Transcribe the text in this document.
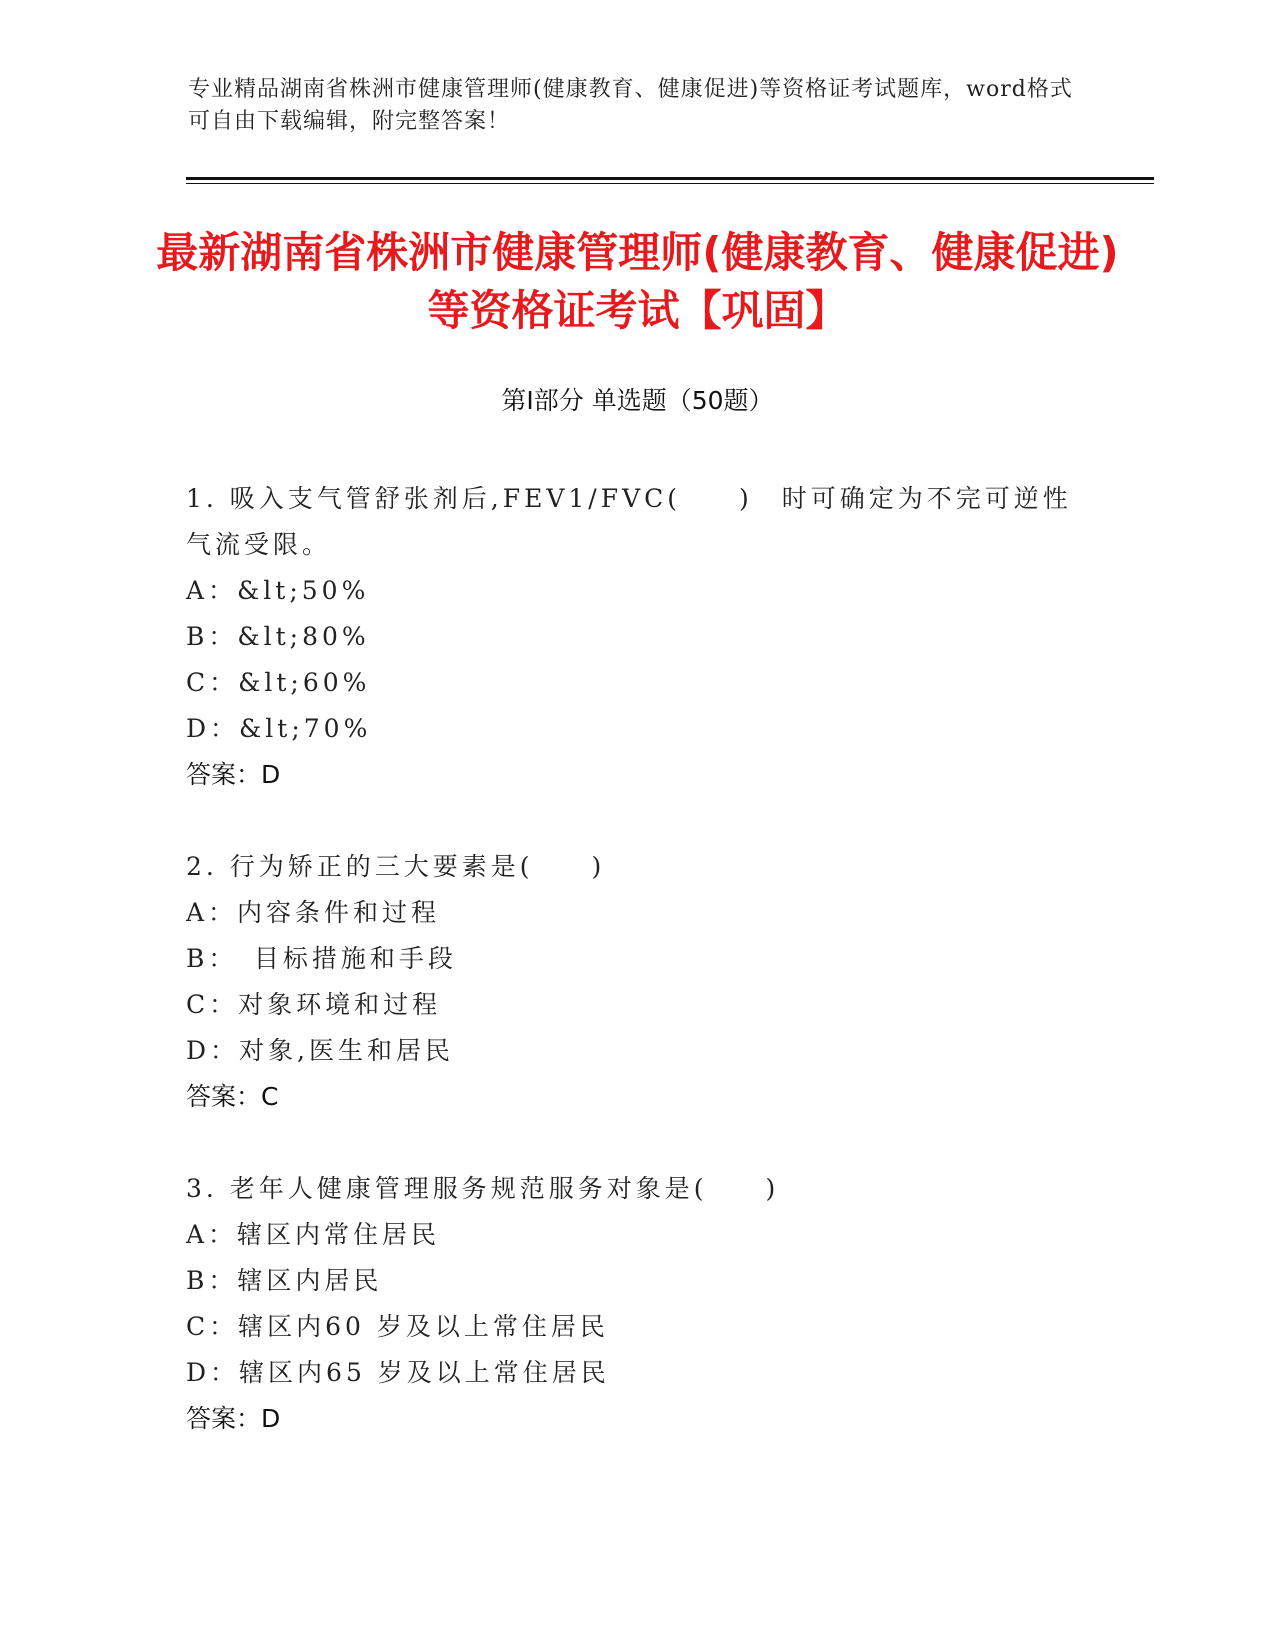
专业精品湖南省株洲市健康管理师(健康教育、健康促进)等资格证考试题库，word格式可自由下载编辑，附完整答案！
最新湖南省株洲市健康管理师(健康教育、健康促进)等资格证考试【巩固】
第Ⅰ部分 单选题（50题）
1. 吸入支气管舒张剂后,FEV1/FVC(　　)　时可确定为不完可逆性气流受限。
A：&lt;50%
B：&lt;80%
C：&lt;60%
D：&lt;70%
答案：D
2. 行为矫正的三大要素是(　　)
A：内容条件和过程
B：　目标措施和手段
C：对象环境和过程
D：对象,医生和居民
答案：C
3. 老年人健康管理服务规范服务对象是(　　)
A：辖区内常住居民
B：辖区内居民
C：辖区内60 岁及以上常住居民
D：辖区内65 岁及以上常住居民
答案：D
